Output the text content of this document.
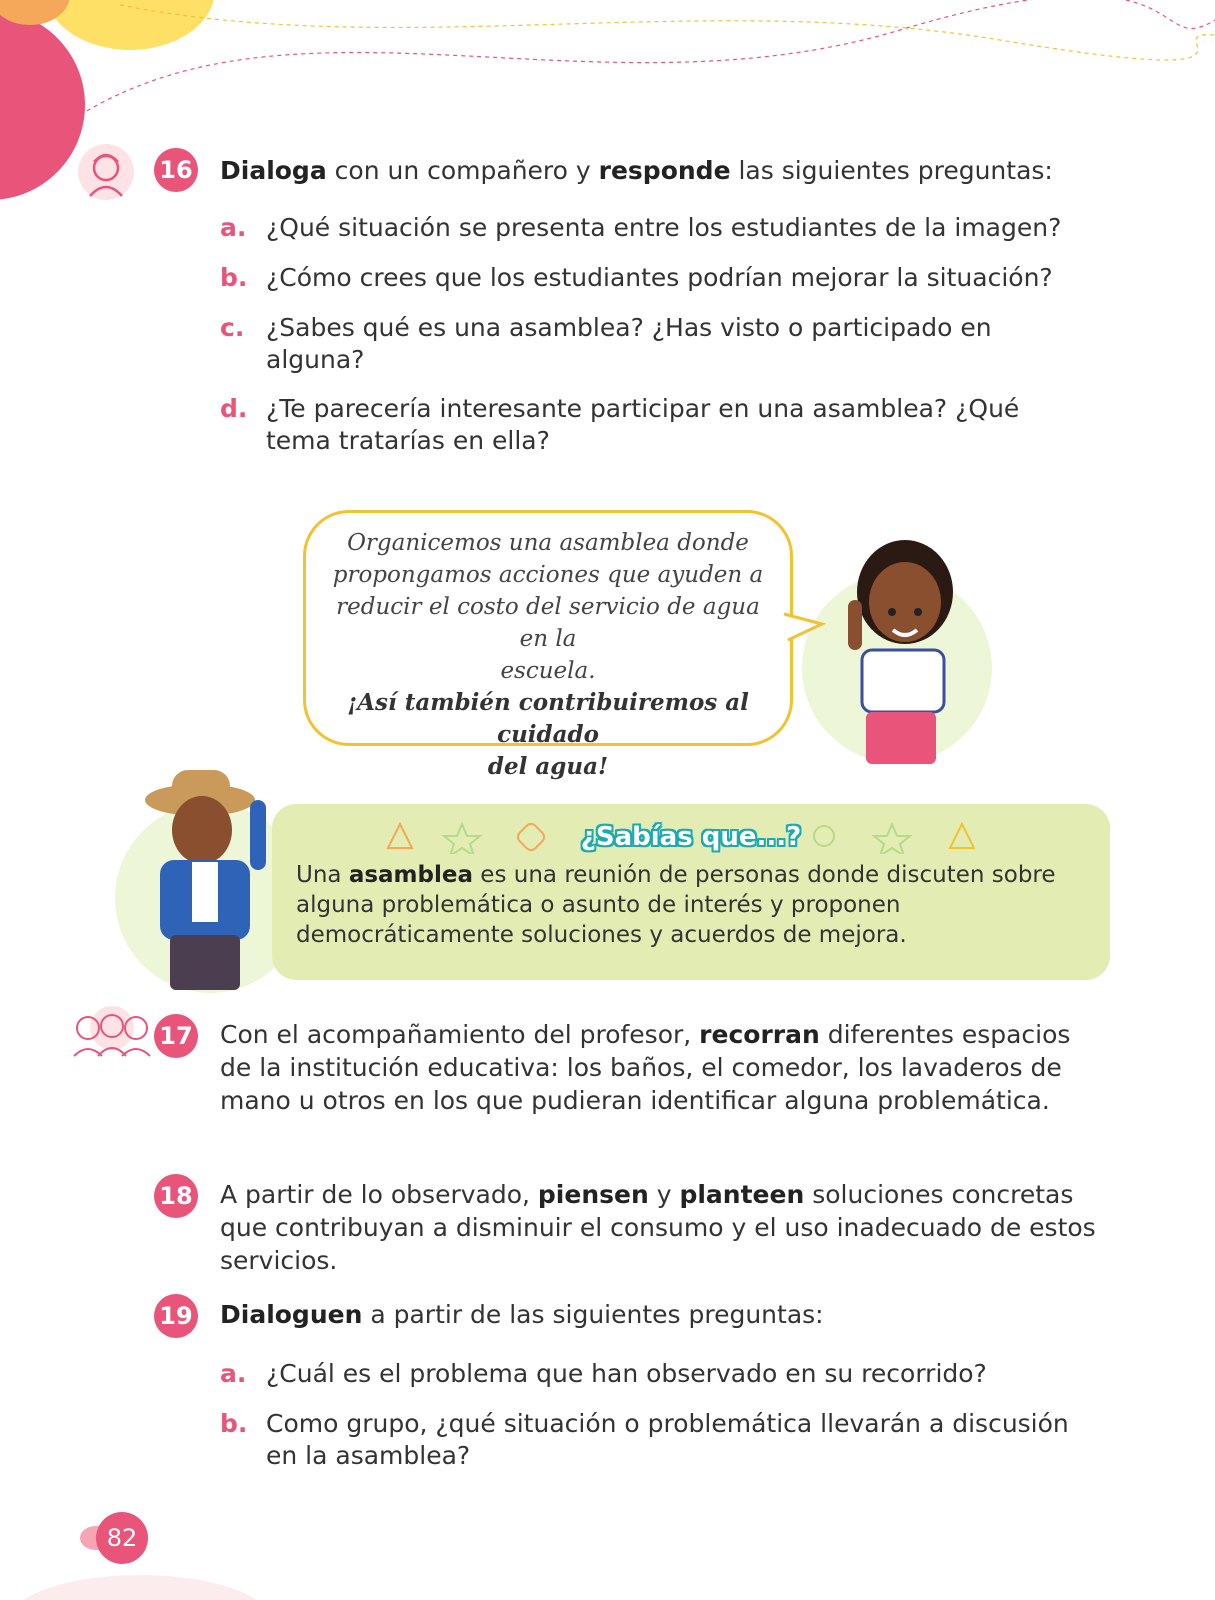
16 Dialoga con un compañero y responde las siguientes preguntas:
a. ¿Qué situación se presenta entre los estudiantes de la imagen?
b. ¿Cómo crees que los estudiantes podrían mejorar la situación?
c. ¿Sabes qué es una asamblea? ¿Has visto o participado en alguna?
d. ¿Te parecería interesante participar en una asamblea? ¿Qué tema tratarías en ella?
Organicemos una asamblea donde
propongamos acciones que ayuden a
reducir el costo del servicio de agua en la
escuela.
¡Así también contribuiremos al cuidado
del agua!
¿Sabías que...?
Una asamblea es una reunión de personas donde discuten sobre alguna problemática o asunto de interés y proponen democráticamente soluciones y acuerdos de mejora.
17 Con el acompañamiento del profesor, recorran diferentes espacios de la institución educativa: los baños, el comedor, los lavaderos de mano u otros en los que pudieran identificar alguna problemática.
18 A partir de lo observado, piensen y planteen soluciones concretas que contribuyan a disminuir el consumo y el uso inadecuado de estos servicios.
19 Dialoguen a partir de las siguientes preguntas:
a. ¿Cuál es el problema que han observado en su recorrido?
b. Como grupo, ¿qué situación o problemática llevarán a discusión en la asamblea?
82
